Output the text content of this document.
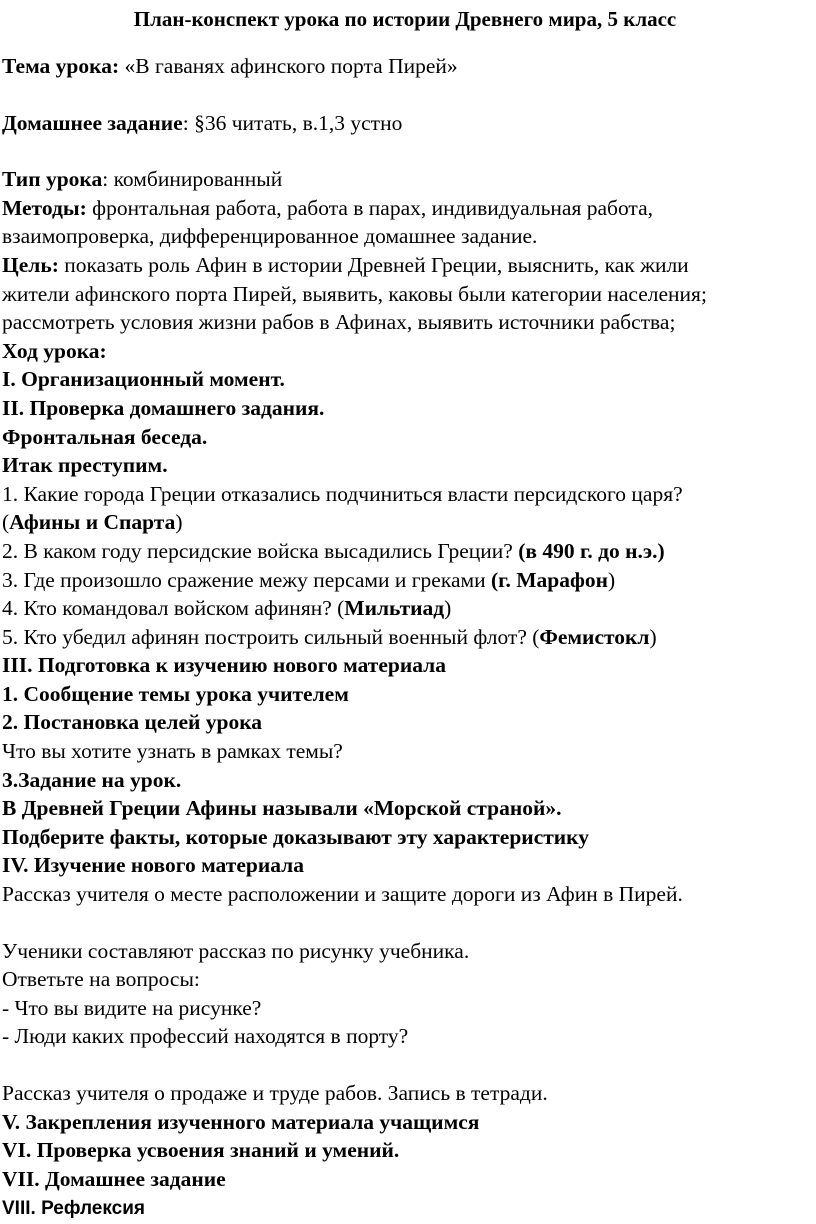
План-конспект урока по истории Древнего мира, 5 класс
Тема урока: «В гаванях афинского порта Пирей»
Домашнее задание: §36 читать, в.1,3 устно
Тип урока: комбинированный
Методы: фронтальная работа, работа в парах, индивидуальная работа,
взаимопроверка, дифференцированное домашнее задание.
Цель: показать роль Афин в истории Древней Греции, выяснить, как жили
жители афинского порта Пирей, выявить, каковы были категории населения;
рассмотреть условия жизни рабов в Афинах, выявить источники рабства;
Ход урока:
I. Организационный момент.
II. Проверка домашнего задания.
Фронтальная беседа.
Итак преступим.
1. Какие города Греции отказались подчиниться власти персидского царя?
(Афины и Спарта)
2. В каком году персидские войска высадились Греции? (в 490 г. до н.э.)
3. Где произошло сражение межу персами и греками (г. Марафон)
4. Кто командовал войском афинян? (Мильтиад)
5. Кто убедил афинян построить сильный военный флот? (Фемистокл)
III. Подготовка к изучению нового материала
1. Сообщение темы урока учителем
2. Постановка целей урока
Что вы хотите узнать в рамках темы?
3.Задание на урок.
В Древней Греции Афины называли «Морской страной».
Подберите факты, которые доказывают эту характеристику
IV. Изучение нового материала
Рассказ учителя о месте расположении и защите дороги из Афин в Пирей.
Ученики составляют рассказ по рисунку учебника.
Ответьте на вопросы:
- Что вы видите на рисунке?
- Люди каких профессий находятся в порту?
Рассказ учителя о продаже и труде рабов. Запись в тетради.
V. Закрепления изученного материала учащимся
VI. Проверка усвоения знаний и умений.
VII. Домашнее задание
VIII. Рефлексия
